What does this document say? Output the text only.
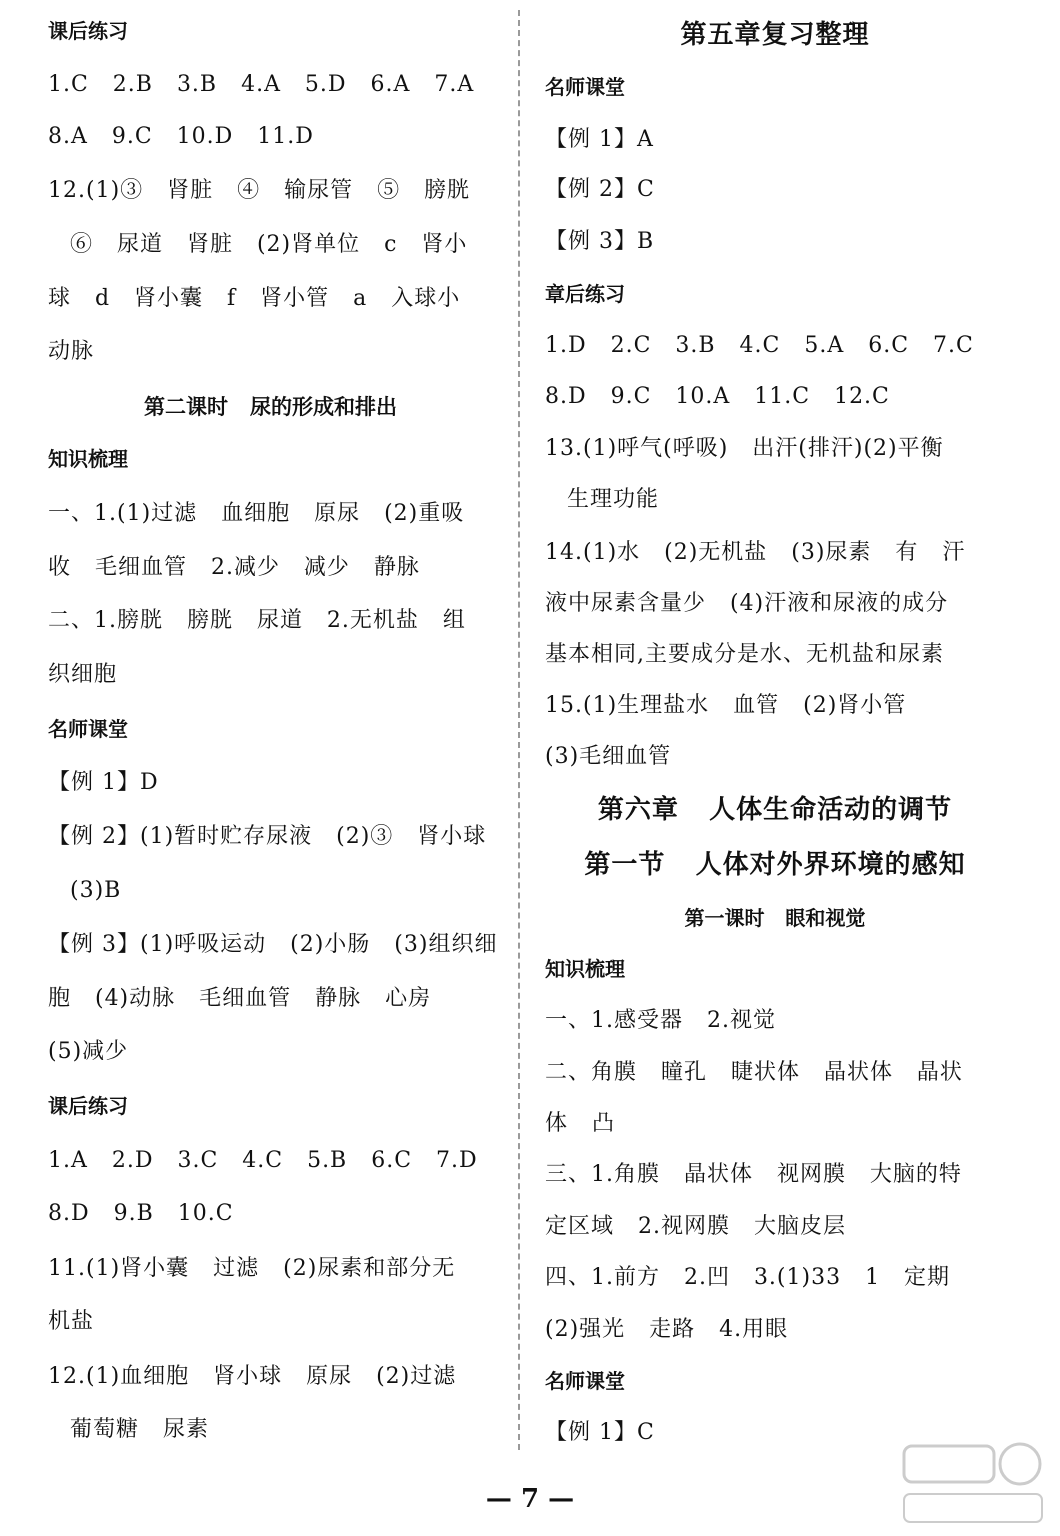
课后练习
1.C   2.B   3.B   4.A   5.D   6.A   7.A
8.A   9.C   10.D   11.D
12.(1)③   肾脏   ④   输尿管   ⑤   膀胱
⑥   尿道   肾脏   (2)肾单位   c   肾小
球   d   肾小囊   f   肾小管   a   入球小
动脉
第二课时   尿的形成和排出
知识梳理
一、1.(1)过滤   血细胞   原尿   (2)重吸
收   毛细血管   2.减少   减少   静脉
二、1.膀胱   膀胱   尿道   2.无机盐   组
织细胞
名师课堂
【例 1】D
【例 2】(1)暂时贮存尿液   (2)③   肾小球
(3)B
【例 3】(1)呼吸运动   (2)小肠   (3)组织细
胞   (4)动脉   毛细血管   静脉   心房
(5)减少
课后练习
1.A   2.D   3.C   4.C   5.B   6.C   7.D
8.D   9.B   10.C
11.(1)肾小囊   过滤   (2)尿素和部分无
机盐
12.(1)血细胞   肾小球   原尿   (2)过滤
葡萄糖   尿素
第五章复习整理
名师课堂
【例 1】A
【例 2】C
【例 3】B
章后练习
1.D   2.C   3.B   4.C   5.A   6.C   7.C
8.D   9.C   10.A   11.C   12.C
13.(1)呼气(呼吸)   出汗(排汗)(2)平衡
生理功能
14.(1)水   (2)无机盐   (3)尿素   有   汗
液中尿素含量少   (4)汗液和尿液的成分
基本相同,主要成分是水、无机盐和尿素
15.(1)生理盐水   血管   (2)肾小管
(3)毛细血管
第六章   人体生命活动的调节
第一节   人体对外界环境的感知
第一课时   眼和视觉
知识梳理
一、1.感受器   2.视觉
二、角膜   瞳孔   睫状体   晶状体   晶状
体   凸
三、1.角膜   晶状体   视网膜   大脑的特
定区域   2.视网膜   大脑皮层
四、1.前方   2.凹   3.(1)33   1   定期
(2)强光   走路   4.用眼
名师课堂
【例 1】C
— 7 —
